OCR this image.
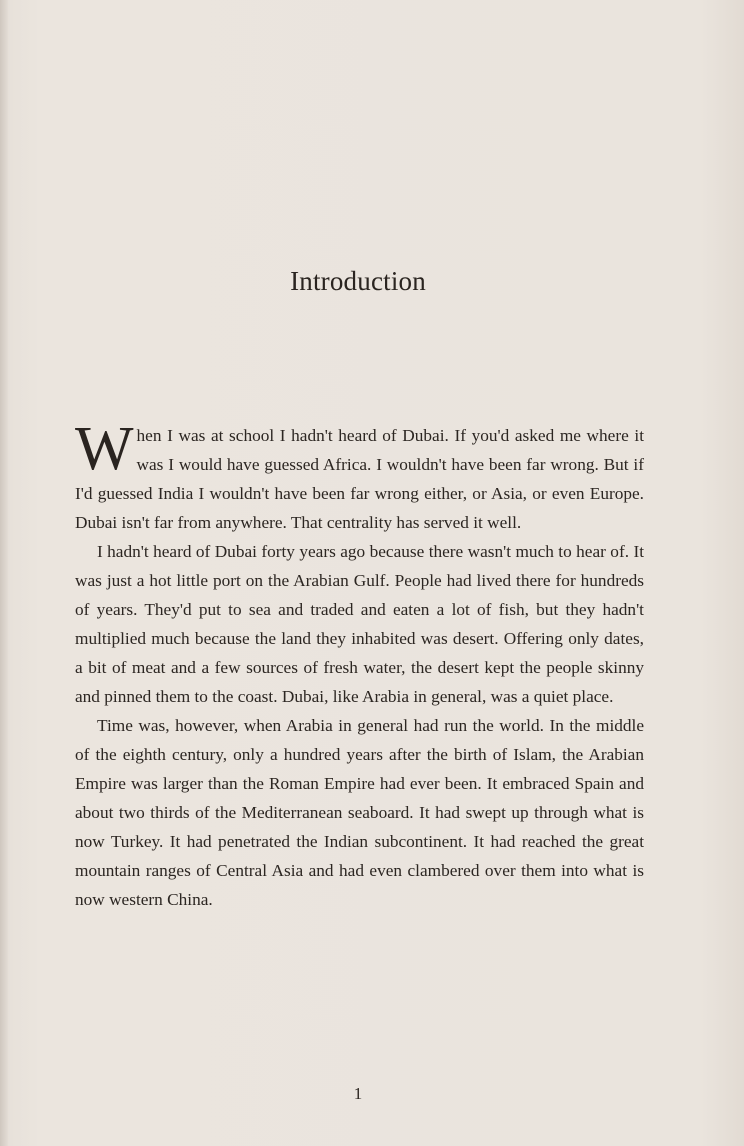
Introduction

When I was at school I hadn't heard of Dubai. If you'd asked me where it was I would have guessed Africa. I wouldn't have been far wrong. But if I'd guessed India I wouldn't have been far wrong either, or Asia, or even Europe. Dubai isn't far from anywhere. That centrality has served it well.

I hadn't heard of Dubai forty years ago because there wasn't much to hear of. It was just a hot little port on the Arabian Gulf. People had lived there for hundreds of years. They'd put to sea and traded and eaten a lot of fish, but they hadn't multiplied much because the land they inhabited was desert. Offering only dates, a bit of meat and a few sources of fresh water, the desert kept the people skinny and pinned them to the coast. Dubai, like Arabia in general, was a quiet place.

Time was, however, when Arabia in general had run the world. In the middle of the eighth century, only a hundred years after the birth of Islam, the Arabian Empire was larger than the Roman Empire had ever been. It embraced Spain and about two thirds of the Mediterranean seaboard. It had swept up through what is now Turkey. It had penetrated the Indian subcontinent. It had reached the great mountain ranges of Central Asia and had even clambered over them into what is now western China.

1
